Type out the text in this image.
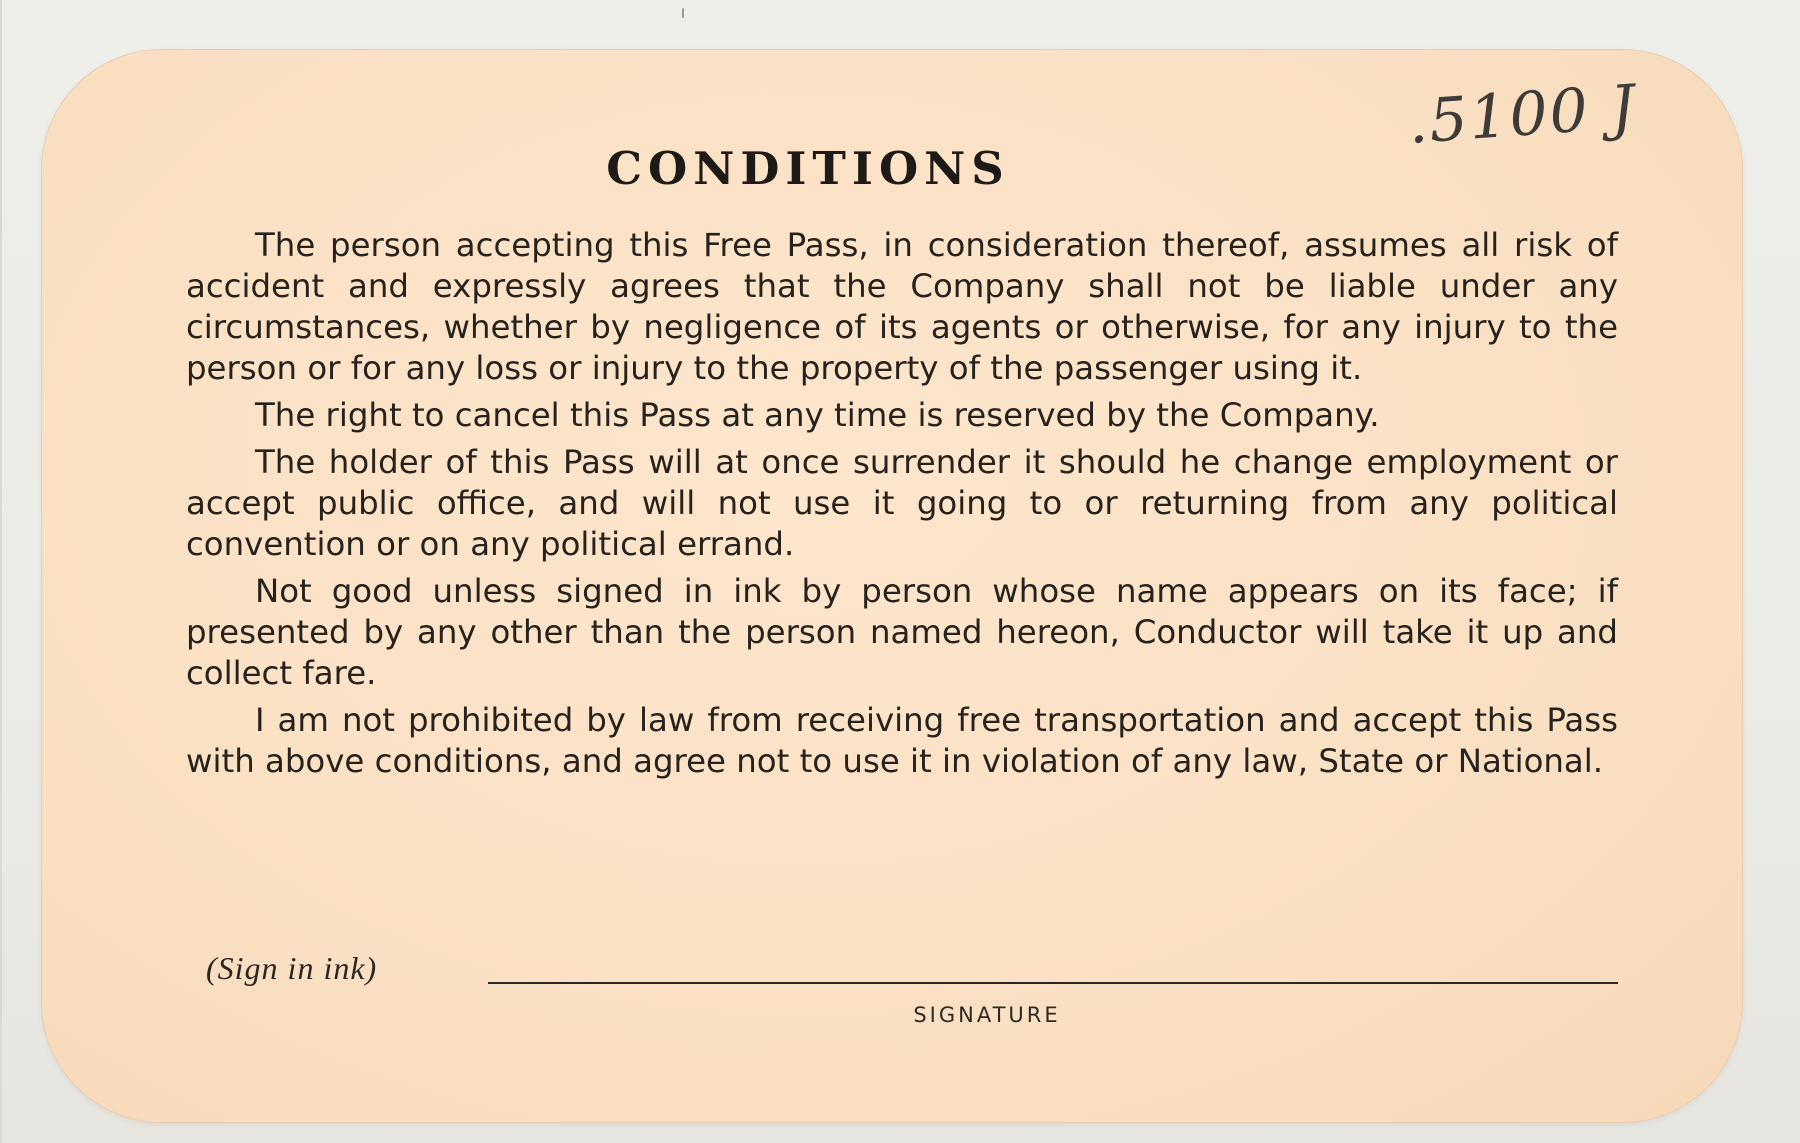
.5100 J
CONDITIONS

The person accepting this Free Pass, in consideration thereof, assumes all risk of accident and expressly agrees that the Company shall not be liable under any circumstances, whether by negligence of its agents or otherwise, for any injury to the person or for any loss or injury to the property of the passenger using it.

The right to cancel this Pass at any time is reserved by the Company.

The holder of this Pass will at once surrender it should he change employment or accept public office, and will not use it going to or returning from any political convention or on any political errand.

Not good unless signed in ink by person whose name appears on its face; if presented by any other than the person named hereon, Conductor will take it up and collect fare.

I am not prohibited by law from receiving free transportation and accept this Pass with above conditions, and agree not to use it in violation of any law, State or National.

(Sign in ink)
SIGNATURE
